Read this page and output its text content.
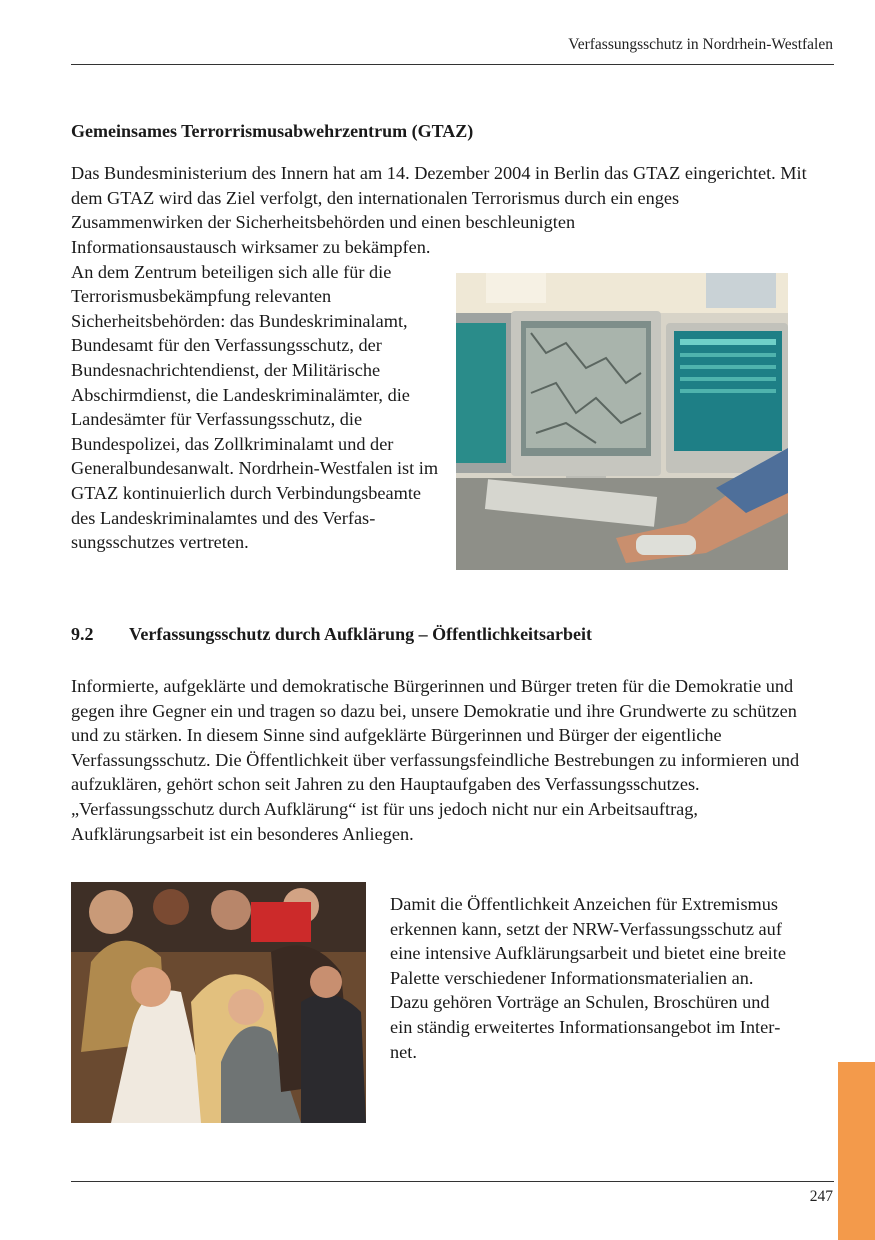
Verfassungsschutz in Nordrhein-Westfalen
Gemeinsames Terrorrismusabwehrzentrum (GTAZ)

Das Bundesministerium des Innern hat am 14. Dezember 2004 in Berlin das GTAZ eingerichtet. Mit dem GTAZ wird das Ziel verfolgt, den internationalen Terrorismus durch ein enges Zusammenwirken der Sicherheitsbehörden und einen beschleunigten

Informationsaustausch wirksamer zu bekämpfen. An dem Zentrum beteiligen sich alle für die Terrorismusbekämpfung relevanten Sicherheitsbehörden: das Bundeskriminalamt, Bundesamt für den Verfassungsschutz, der Bundesnachrichtendienst, der Militärische Abschirmdienst, die Landeskriminalämter, die Landesämter für Verfassungsschutz, die Bundespolizei, das Zollkriminalamt und der Generalbundesanwalt. Nordrhein-Westfalen ist im GTAZ kontinuierlich durch Verbindungsbeamte des Landeskriminalamtes und des Verfassungsschutzes vertreten.

9.2 Verfassungsschutz durch Aufklärung – Öffentlichkeitsarbeit

Informierte, aufgeklärte und demokratische Bürgerinnen und Bürger treten für die Demokratie und gegen ihre Gegner ein und tragen so dazu bei, unsere Demokratie und ihre Grundwerte zu schützen und zu stärken. In diesem Sinne sind aufgeklärte Bürgerinnen und Bürger der eigentliche Verfassungsschutz. Die Öffentlichkeit über verfassungsfeindliche Bestrebungen zu informieren und aufzuklären, gehört schon seit Jahren zu den Hauptaufgaben des Verfassungsschutzes. „Verfassungsschutz durch Aufklärung“ ist für uns jedoch nicht nur ein Arbeitsauftrag, Aufklärungsarbeit ist ein besonderes Anliegen.

Damit die Öffentlichkeit Anzeichen für Extremismus erkennen kann, setzt der NRW-Verfassungsschutz auf eine intensive Aufklärungsarbeit und bietet eine breite Palette verschiedener Informationsmaterialien an. Dazu gehören Vorträge an Schulen, Broschüren und ein ständig erweitertes Informationsangebot im Internet.

247
